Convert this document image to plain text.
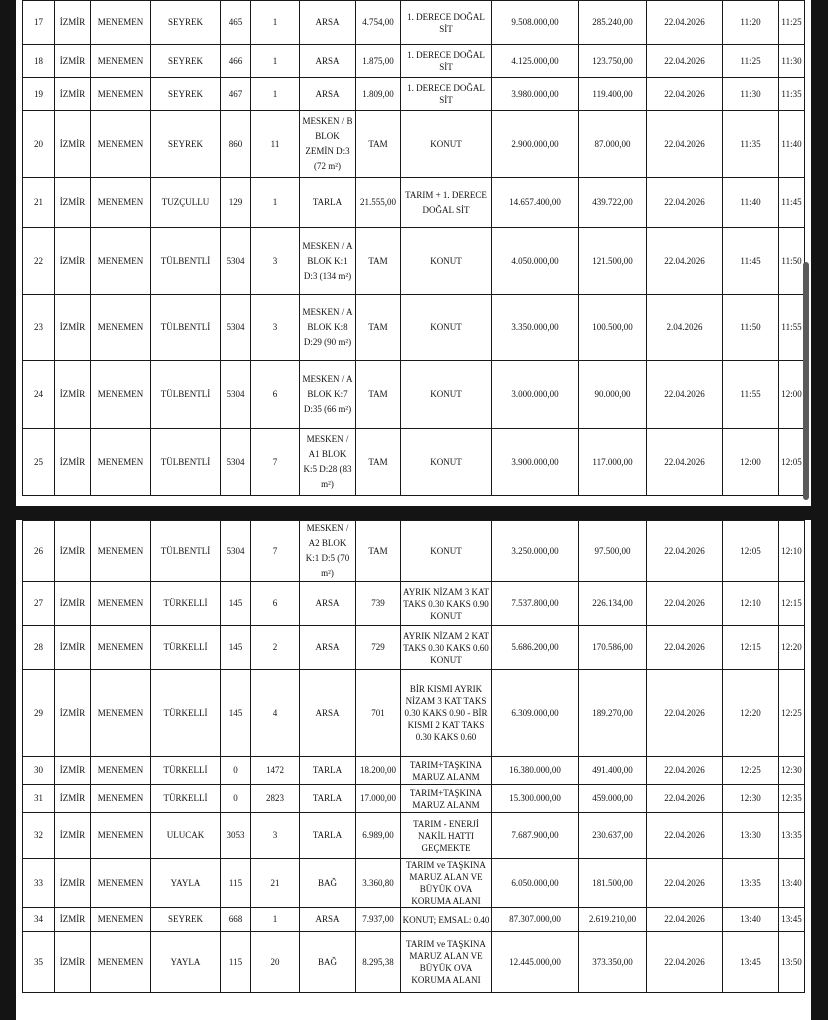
17	İZMİR	MENEMEN	SEYREK	465	1	ARSA	4.754,00	1. DERECE DOĞAL SİT	9.508.000,00	285.240,00	22.04.2026	11:20	11:25
18	İZMİR	MENEMEN	SEYREK	466	1	ARSA	1.875,00	1. DERECE DOĞAL SİT	4.125.000,00	123.750,00	22.04.2026	11:25	11:30
19	İZMİR	MENEMEN	SEYREK	467	1	ARSA	1.809,00	1. DERECE DOĞAL SİT	3.980.000,00	119.400,00	22.04.2026	11:30	11:35
20	İZMİR	MENEMEN	SEYREK	860	11	MESKEN / B BLOK ZEMİN D:3 (72 m²)	TAM	KONUT	2.900.000,00	87.000,00	22.04.2026	11:35	11:40
21	İZMİR	MENEMEN	TUZÇULLU	129	1	TARLA	21.555,00	TARIM + 1. DERECE DOĞAL SİT	14.657.400,00	439.722,00	22.04.2026	11:40	11:45
22	İZMİR	MENEMEN	TÜLBENTLİ	5304	3	MESKEN / A BLOK K:1 D:3 (134 m²)	TAM	KONUT	4.050.000,00	121.500,00	22.04.2026	11:45	11:50
23	İZMİR	MENEMEN	TÜLBENTLİ	5304	3	MESKEN / A BLOK K:8 D:29 (90 m²)	TAM	KONUT	3.350.000,00	100.500,00	2.04.2026	11:50	11:55
24	İZMİR	MENEMEN	TÜLBENTLİ	5304	6	MESKEN / A BLOK K:7 D:35 (66 m²)	TAM	KONUT	3.000.000,00	90.000,00	22.04.2026	11:55	12:00
25	İZMİR	MENEMEN	TÜLBENTLİ	5304	7	MESKEN / A1 BLOK K:5 D:28 (83 m²)	TAM	KONUT	3.900.000,00	117.000,00	22.04.2026	12:00	12:05
26	İZMİR	MENEMEN	TÜLBENTLİ	5304	7	MESKEN / A2 BLOK K:1 D:5 (70 m²)	TAM	KONUT	3.250.000,00	97.500,00	22.04.2026	12:05	12:10
27	İZMİR	MENEMEN	TÜRKELLİ	145	6	ARSA	739	AYRIK NİZAM 3 KAT TAKS 0.30 KAKS 0.90 KONUT	7.537.800,00	226.134,00	22.04.2026	12:10	12:15
28	İZMİR	MENEMEN	TÜRKELLİ	145	2	ARSA	729	AYRIK NİZAM 2 KAT TAKS 0.30 KAKS 0.60 KONUT	5.686.200,00	170.586,00	22.04.2026	12:15	12:20
29	İZMİR	MENEMEN	TÜRKELLİ	145	4	ARSA	701	BİR KISMI AYRIK NİZAM 3 KAT TAKS 0.30 KAKS 0.90 - BİR KISMI 2 KAT TAKS 0.30 KAKS 0.60	6.309.000,00	189.270,00	22.04.2026	12:20	12:25
30	İZMİR	MENEMEN	TÜRKELLİ	0	1472	TARLA	18.200,00	TARIM+TAŞKINA MARUZ ALANM	16.380.000,00	491.400,00	22.04.2026	12:25	12:30
31	İZMİR	MENEMEN	TÜRKELLİ	0	2823	TARLA	17.000,00	TARIM+TAŞKINA MARUZ ALANM	15.300.000,00	459.000,00	22.04.2026	12:30	12:35
32	İZMİR	MENEMEN	ULUCAK	3053	3	TARLA	6.989,00	TARIM - ENERJİ NAKİL HATTI GEÇMEKTE	7.687.900,00	230.637,00	22.04.2026	13:30	13:35
33	İZMİR	MENEMEN	YAYLA	115	21	BAĞ	3.360,80	TARIM ve TAŞKINA MARUZ ALAN VE BÜYÜK OVA KORUMA ALANI	6.050.000,00	181.500,00	22.04.2026	13:35	13:40
34	İZMİR	MENEMEN	SEYREK	668	1	ARSA	7.937,00	KONUT; EMSAL: 0.40	87.307.000,00	2.619.210,00	22.04.2026	13:40	13:45
35	İZMİR	MENEMEN	YAYLA	115	20	BAĞ	8.295,38	TARIM ve TAŞKINA MARUZ ALAN VE BÜYÜK OVA KORUMA ALANI	12.445.000,00	373.350,00	22.04.2026	13:45	13:50
